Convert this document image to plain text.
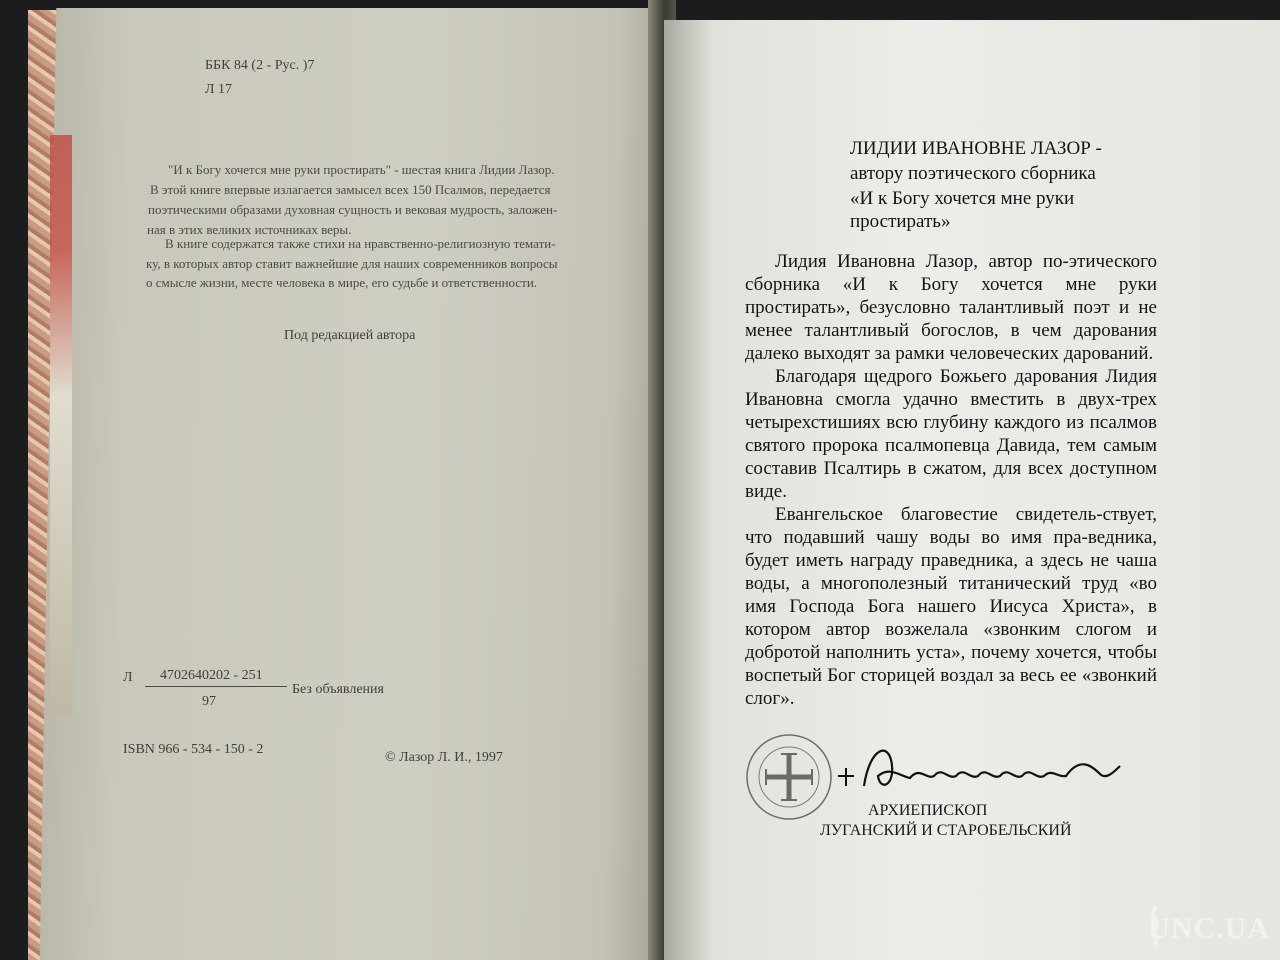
ББК 84 (2 - Рус. )7
Л 17
"И к Богу хочется мне руки простирать" - шестая книга Лидии Лазор.
В этой книге впервые излагается замысел всех 150 Псалмов, передается
поэтическими образами духовная сущность и вековая мудрость, заложен-
ная в этих великих источниках веры.
В книге содержатся также стихи на нравственно-религиозную темати-
ку, в которых автор ставит важнейшие для наших современников вопросы
о смысле жизни, месте человека в мире, его судьбе и ответственности.
Под редакцией автора
Л 4702640202 - 251
Без объявления
97
ISBN 966 - 534 - 150 - 2
© Лазор Л. И., 1997
ЛИДИИ ИВАНОВНЕ ЛАЗОР -
автору поэтического сборника
«И к Богу хочется мне руки
простирать»

Лидия Ивановна Лазор, автор по-этического сборника «И к Богу хочется мне руки простирать», безусловно талантливый поэт и не менее талантливый богослов, в чем дарования далеко выходят за рамки человеческих дарований.

Благодаря щедрого Божьего дарования Лидия Ивановна смогла удачно вместить в двух-трех четырехстишиях всю глубину каждого из псалмов святого пророка псалмопевца Давида, тем самым составив Псалтирь в сжатом, для всех доступном виде.

Евангельское благовестие свидетель-ствует, что подавший чашу воды во имя пра-ведника, будет иметь награду праведника, а здесь не чаша воды, а многополезный титанический труд «во имя Господа Бога нашего Иисуса Христа», в котором автор возжелала «звонким слогом и добротой наполнить уста», почему хочется, чтобы воспетый Бог сторицей воздал за весь ее «звонкий слог».

АРХИЕПИСКОП
ЛУГАНСКИЙ И СТАРОБЕЛЬСКИЙ
UNC.UA
